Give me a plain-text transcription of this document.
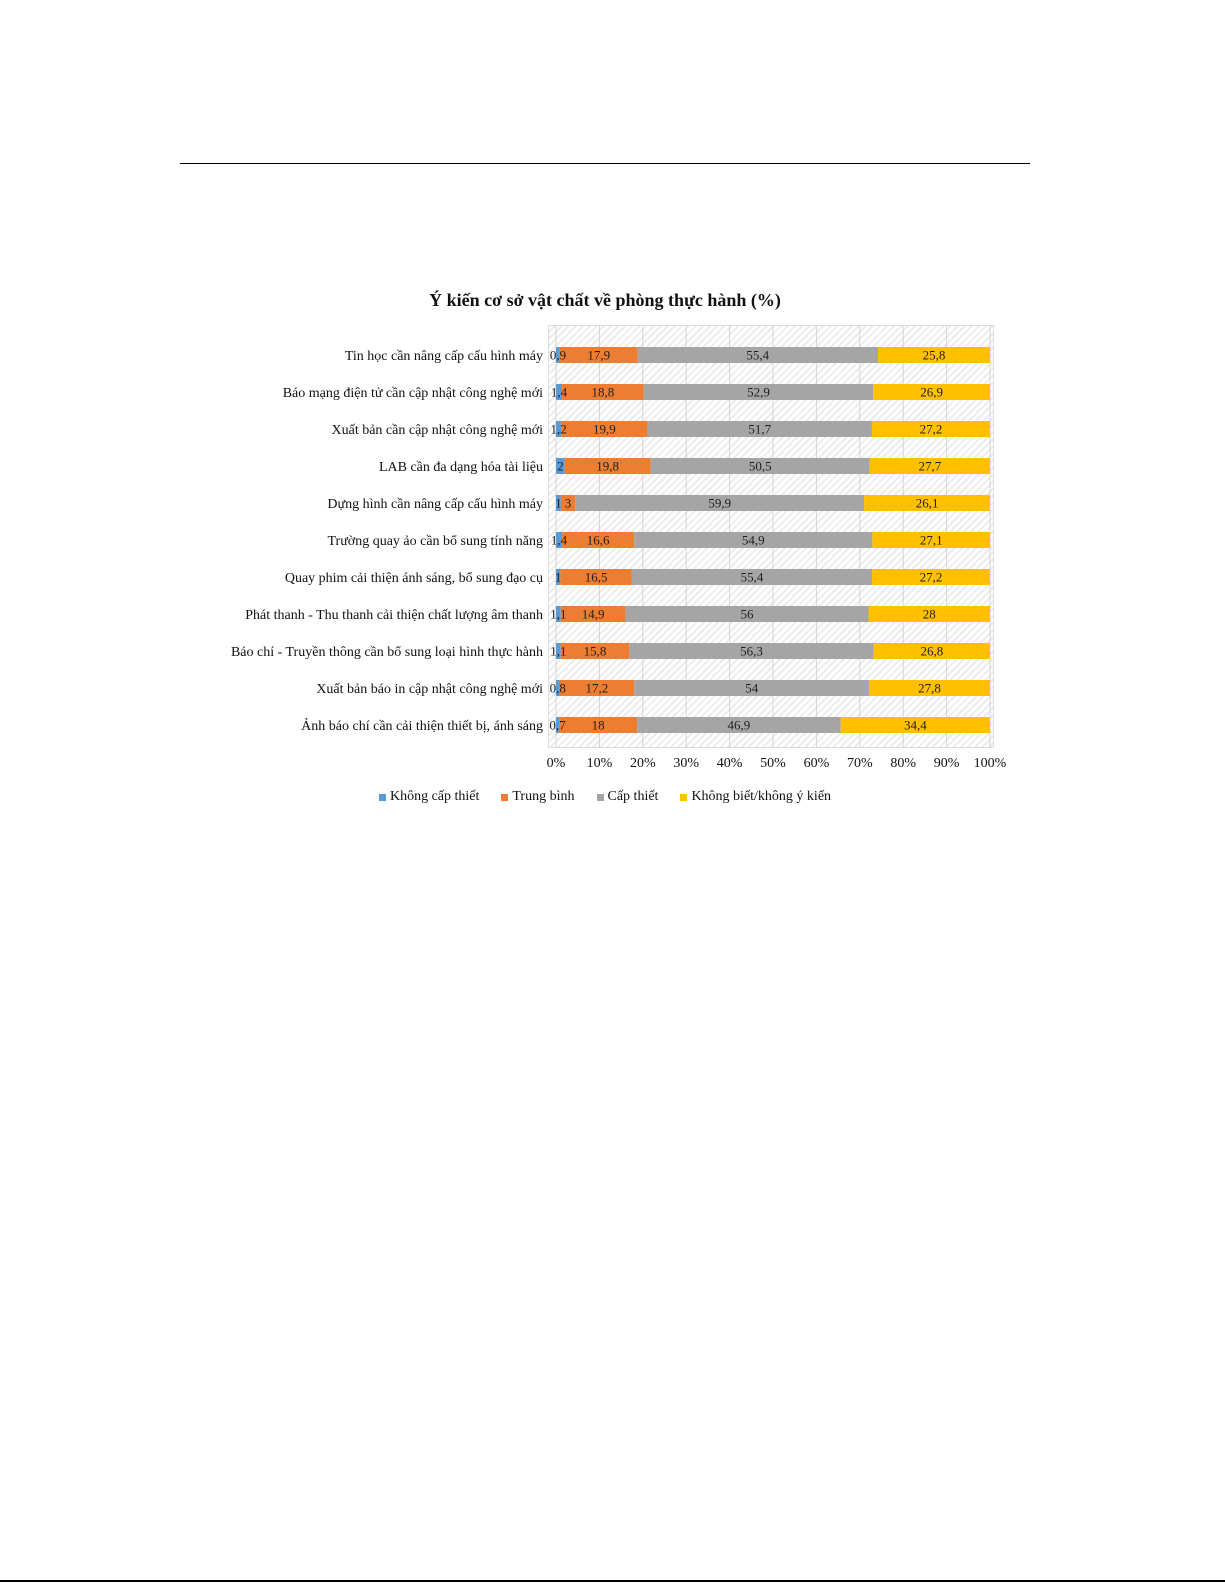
Ý kiến cơ sở vật chất về phòng thực hành (%)
0% 10% 20% 30% 40% 50% 60% 70% 80% 90% 100%
Tin học cần nâng cấp cấu hình máy
Báo mạng điện tử cần cập nhật công nghệ mới
Xuất bản cần cập nhật công nghệ mới
LAB cần đa dạng hóa tài liệu
Dựng hình cần nâng cấp cấu hình máy
Trường quay ảo cần bổ sung tính năng
Quay phim cải thiện ánh sáng, bổ sung đạo cụ
Phát thanh - Thu thanh cải thiện chất lượng âm thanh
Báo chí - Truyền thông cần bổ sung loại hình thực hành
Xuất bản báo in cập nhật công nghệ mới
Ảnh báo chí cần cải thiện thiết bị, ánh sáng
0,9 17,9	55,4	25,8
1,4 18,8	52,9	26,9
1,2 19,9	51,7	27,2
2	19,8	50,5	27,7
1 3	59,9	26,1
1,4 16,6	54,9	27,1
1 16,5	55,4	27,2
1,1 14,9	56	28
1,1 15,8	56,3	26,8
0,8 17,2	54	27,8
0,7 18	46,9	34,4
Không cấp thiết Trung bình Cấp thiết Không biết/không ý kiến
